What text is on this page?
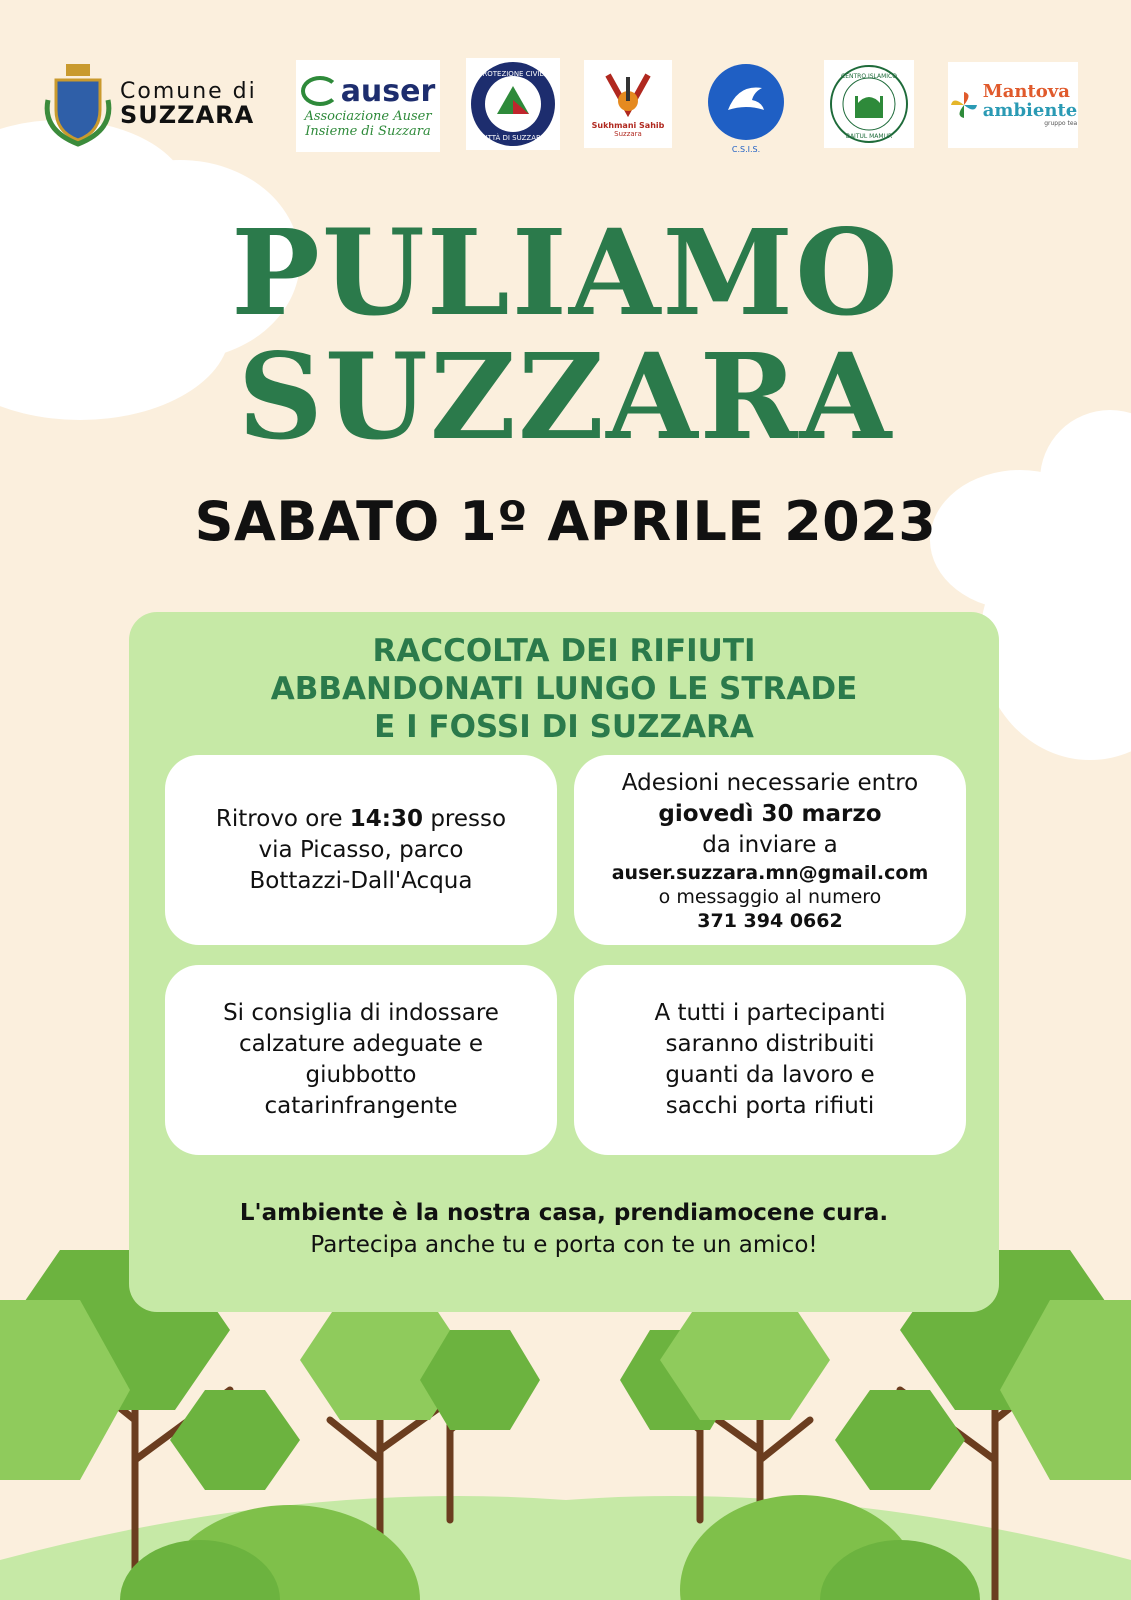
Comune di
SUZZARA
auser
Associazione Auser
Insieme di Suzzara
PROTEZIONE CIVILE
CITTÀ DI SUZZARA
Sukhmani Sahib
Suzzara
C.S.I.S.
CENTRO ISLAMICO
BAITUL MAMUR
Mantova
ambiente
gruppo tea
PULIAMO
SUZZARA
SABATO 1º APRILE 2023
RACCOLTA DEI RIFIUTI
ABBANDONATI LUNGO LE STRADE
E I FOSSI DI SUZZARA
Ritrovo ore 14:30 presso
via Picasso, parco
Bottazzi-Dall'Acqua
Adesioni necessarie entro
giovedì 30 marzo
da inviare a
auser.suzzara.mn@gmail.com
o messaggio al numero
371 394 0662
Si consiglia di indossare
calzature adeguate e
giubbotto
catarinfrangente
A tutti i partecipanti
saranno distribuiti
guanti da lavoro e
sacchi porta rifiuti
L'ambiente è la nostra casa, prendiamocene cura.
Partecipa anche tu e porta con te un amico!
